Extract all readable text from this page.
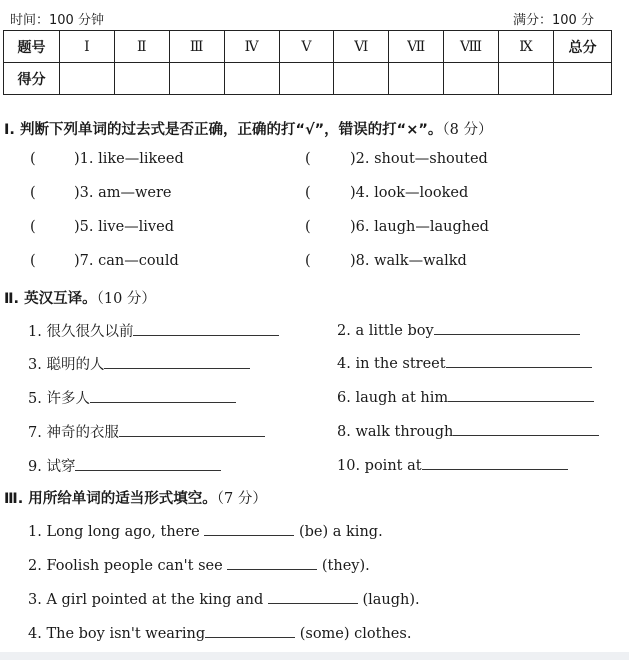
时间：100 分钟	满分：100 分
题号	Ⅰ	Ⅱ	Ⅲ	Ⅳ	Ⅴ	Ⅵ	Ⅶ	Ⅷ	Ⅸ	总分
得分										
Ⅰ. 判断下列单词的过去式是否正确，正确的打“√”，错误的打“×”。（8 分）
(	)1. like—likeed	(	)2. shout—shouted
(	)3. am—were	(	)4. look—looked
(	)5. live—lived	(	)6. laugh—laughed
(	)7. can—could	(	)8. walk—walkd
Ⅱ. 英汉互译。（10 分）
1. 很久很久以前	2. a little boy
3. 聪明的人	4. in the street
5. 许多人	6. laugh at him
7. 神奇的衣服	8. walk through
9. 试穿	10. point at
Ⅲ. 用所给单词的适当形式填空。（7 分）
1. Long long ago, there	(be) a king.
2. Foolish people can't see	(they).
3. A girl pointed at the king and	(laugh).
4. The boy isn't wearing	(some) clothes.
